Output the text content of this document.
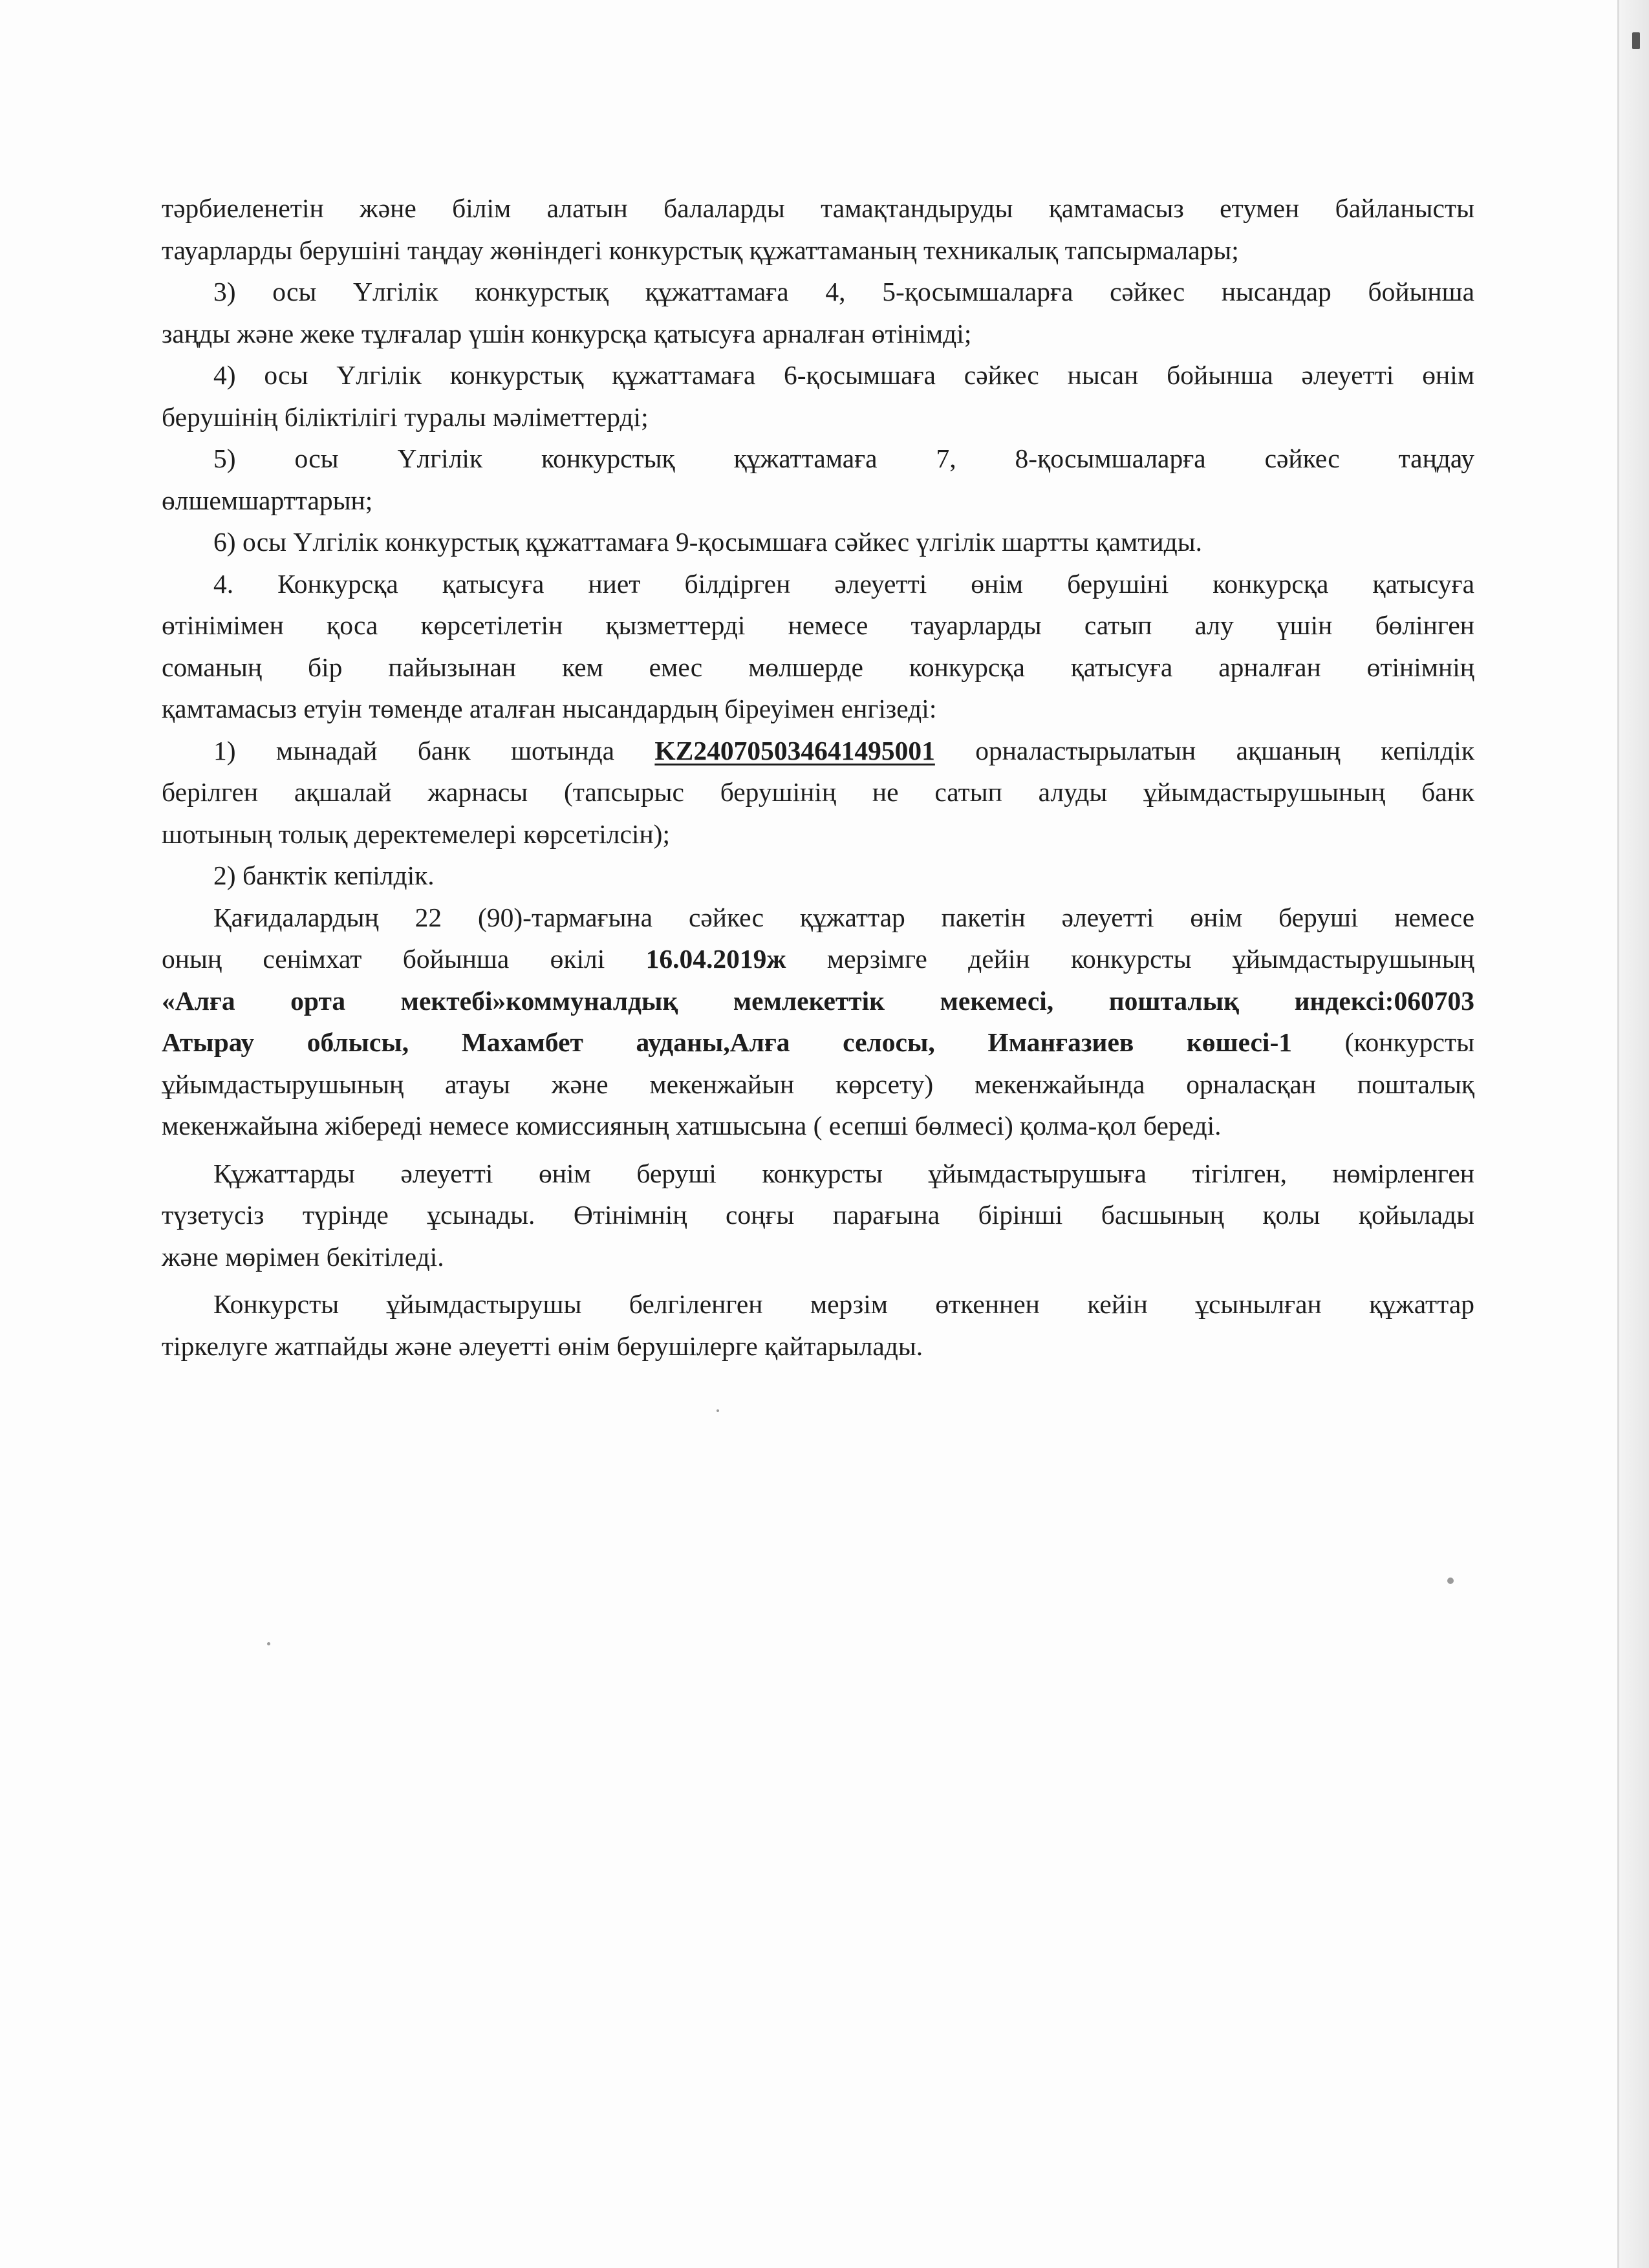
тәрбиеленетін және білім алатын балаларды тамақтандыруды қамтамасыз етумен байланысты
тауарларды берушіні таңдау жөніндегі конкурстық құжаттаманың техникалық тапсырмалары;
3) осы Үлгілік конкурстық құжаттамаға 4, 5-қосымшаларға сәйкес нысандар бойынша
заңды және жеке тұлғалар үшін конкурсқа қатысуға арналған өтінімді;
4) осы Үлгілік конкурстық құжаттамаға 6-қосымшаға сәйкес нысан бойынша әлеуетті өнім
берушінің біліктілігі туралы мәліметтерді;
5) осы Үлгілік конкурстық құжаттамаға 7, 8-қосымшаларға сәйкес таңдау
өлшемшарттарын;
6) осы Үлгілік конкурстық құжаттамаға 9-қосымшаға сәйкес үлгілік шартты қамтиды.
4. Конкурсқа қатысуға ниет білдірген әлеуетті өнім берушіні конкурсқа қатысуға
өтінімімен қоса көрсетілетін қызметтерді немесе тауарларды сатып алу үшін бөлінген
соманың бір пайызынан кем емес мөлшерде конкурсқа қатысуға арналған өтінімнің
қамтамасыз етуін төменде аталған нысандардың біреуімен енгізеді:
1) мынадай банк шотында KZ240705034641495001 орналастырылатын ақшаның кепілдік
берілген ақшалай жарнасы (тапсырыс берушінің не сатып алуды ұйымдастырушының банк
шотының толық деректемелері көрсетілсін);
2) банктік кепілдік.
Қағидалардың 22 (90)-тармағына сәйкес құжаттар пакетін әлеуетті өнім беруші немесе
оның сенімхат бойынша өкілі 16.04.2019ж мерзімге дейін конкурсты ұйымдастырушының
«Алға орта мектебі»коммуналдық мемлекеттік мекемесі, пошталық индексі:060703
Атырау облысы, Махамбет ауданы,Алға селосы, Иманғазиев көшесі-1 (конкурсты
ұйымдастырушының атауы және мекенжайын көрсету) мекенжайында орналасқан пошталық
мекенжайына жібереді немесе комиссияның хатшысына ( есепші бөлмесі) қолма-қол береді.
Құжаттарды әлеуетті өнім беруші конкурсты ұйымдастырушыға тігілген, нөмірленген
түзетусіз түрінде ұсынады. Өтінімнің соңғы парағына бірінші басшының қолы қойылады
және мөрімен бекітіледі.
Конкурсты ұйымдастырушы белгіленген мерзім өткеннен кейін ұсынылған құжаттар
тіркелуге жатпайды және әлеуетті өнім берушілерге қайтарылады.
